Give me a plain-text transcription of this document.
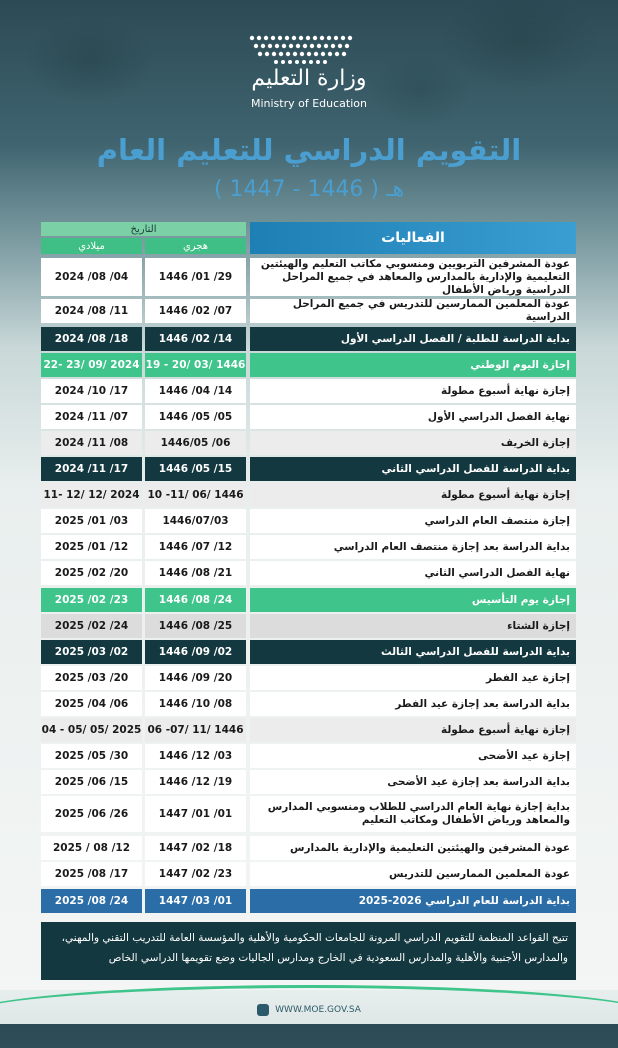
وزارة التعليم
Ministry of Education
التقويم الدراسي للتعليم العام
( 1447 - 1446 ) هـ
الفعاليات
التاريخ
هجري
ميلادي
عودة المشرفين التربويين ومنسوبي مكاتب التعليم والهيئتين التعليمية والإدارية بالمدارس والمعاهد في جميع المراحل الدراسية ورياض الأطفال
1446 /01 /29
2024 /08 /04
عودة المعلمين الممارسين للتدريس في جميع المراحل الدراسية
1446 /02 /07
2024 /08 /11
بداية الدراسة للطلبة / الفصل الدراسي الأول
1446 /02 /14
2024 /08 /18
إجازة اليوم الوطني
19 - 20/ 03/ 1446
22- 23/ 09/ 2024
إجازة نهاية أسبوع مطولة
1446 /04 /14
2024 /10 /17
نهاية الفصل الدراسي الأول
1446 /05 /05
2024 /11 /07
إجازة الخريف
1446/05 /06
2024 /11 /08
بداية الدراسة للفصل الدراسي الثاني
1446 /05 /15
2024 /11 /17
إجازة نهاية أسبوع مطولة
10 -11/ 06/ 1446
11- 12/ 12/ 2024
إجازة منتصف العام الدراسي
1446/07/03
2025 /01 /03
بداية الدراسة بعد إجازة منتصف العام الدراسي
1446 /07 /12
2025 /01 /12
نهاية الفصل الدراسي الثاني
1446 /08 /21
2025 /02 /20
إجازة يوم التأسيس
1446 /08 /24
2025 /02 /23
إجازة الشتاء
1446 /08 /25
2025 /02 /24
بداية الدراسة للفصل الدراسي الثالث
1446 /09 /02
2025 /03 /02
إجازة عيد الفطر
1446 /09 /20
2025 /03 /20
بداية الدراسة بعد إجازة عيد الفطر
1446 /10 /08
2025 /04 /06
إجازة نهاية أسبوع مطولة
06 -07/ 11/ 1446
04 - 05/ 05/ 2025
إجازة عيد الأضحى
1446 /12 /03
2025 /05 /30
بداية الدراسة بعد إجازة عيد الأضحى
1446 /12 /19
2025 /06 /15
بداية إجازة نهاية العام الدراسي للطلاب ومنسوبي المدارس والمعاهد ورياض الأطفال ومكاتب التعليم
1447 /01 /01
2025 /06 /26
عودة المشرفين والهيئتين التعليمية والإدارية بالمدارس
1447 /02 /18
2025 / 08 /12
عودة المعلمين الممارسين للتدريس
1447 /02 /23
2025 /08 /17
بداية الدراسة للعام الدراسي 2026-2025
1447 /03 /01
2025 /08 /24
تتيح القواعد المنظمة للتقويم الدراسي المرونة للجامعات الحكومية والأهلية والمؤسسة العامة للتدريب التقني والمهني، والمدارس الأجنبية والأهلية والمدارس السعودية في الخارج ومدارس الجاليات وضع تقويمها الدراسي الخاص
WWW.MOE.GOV.SA
